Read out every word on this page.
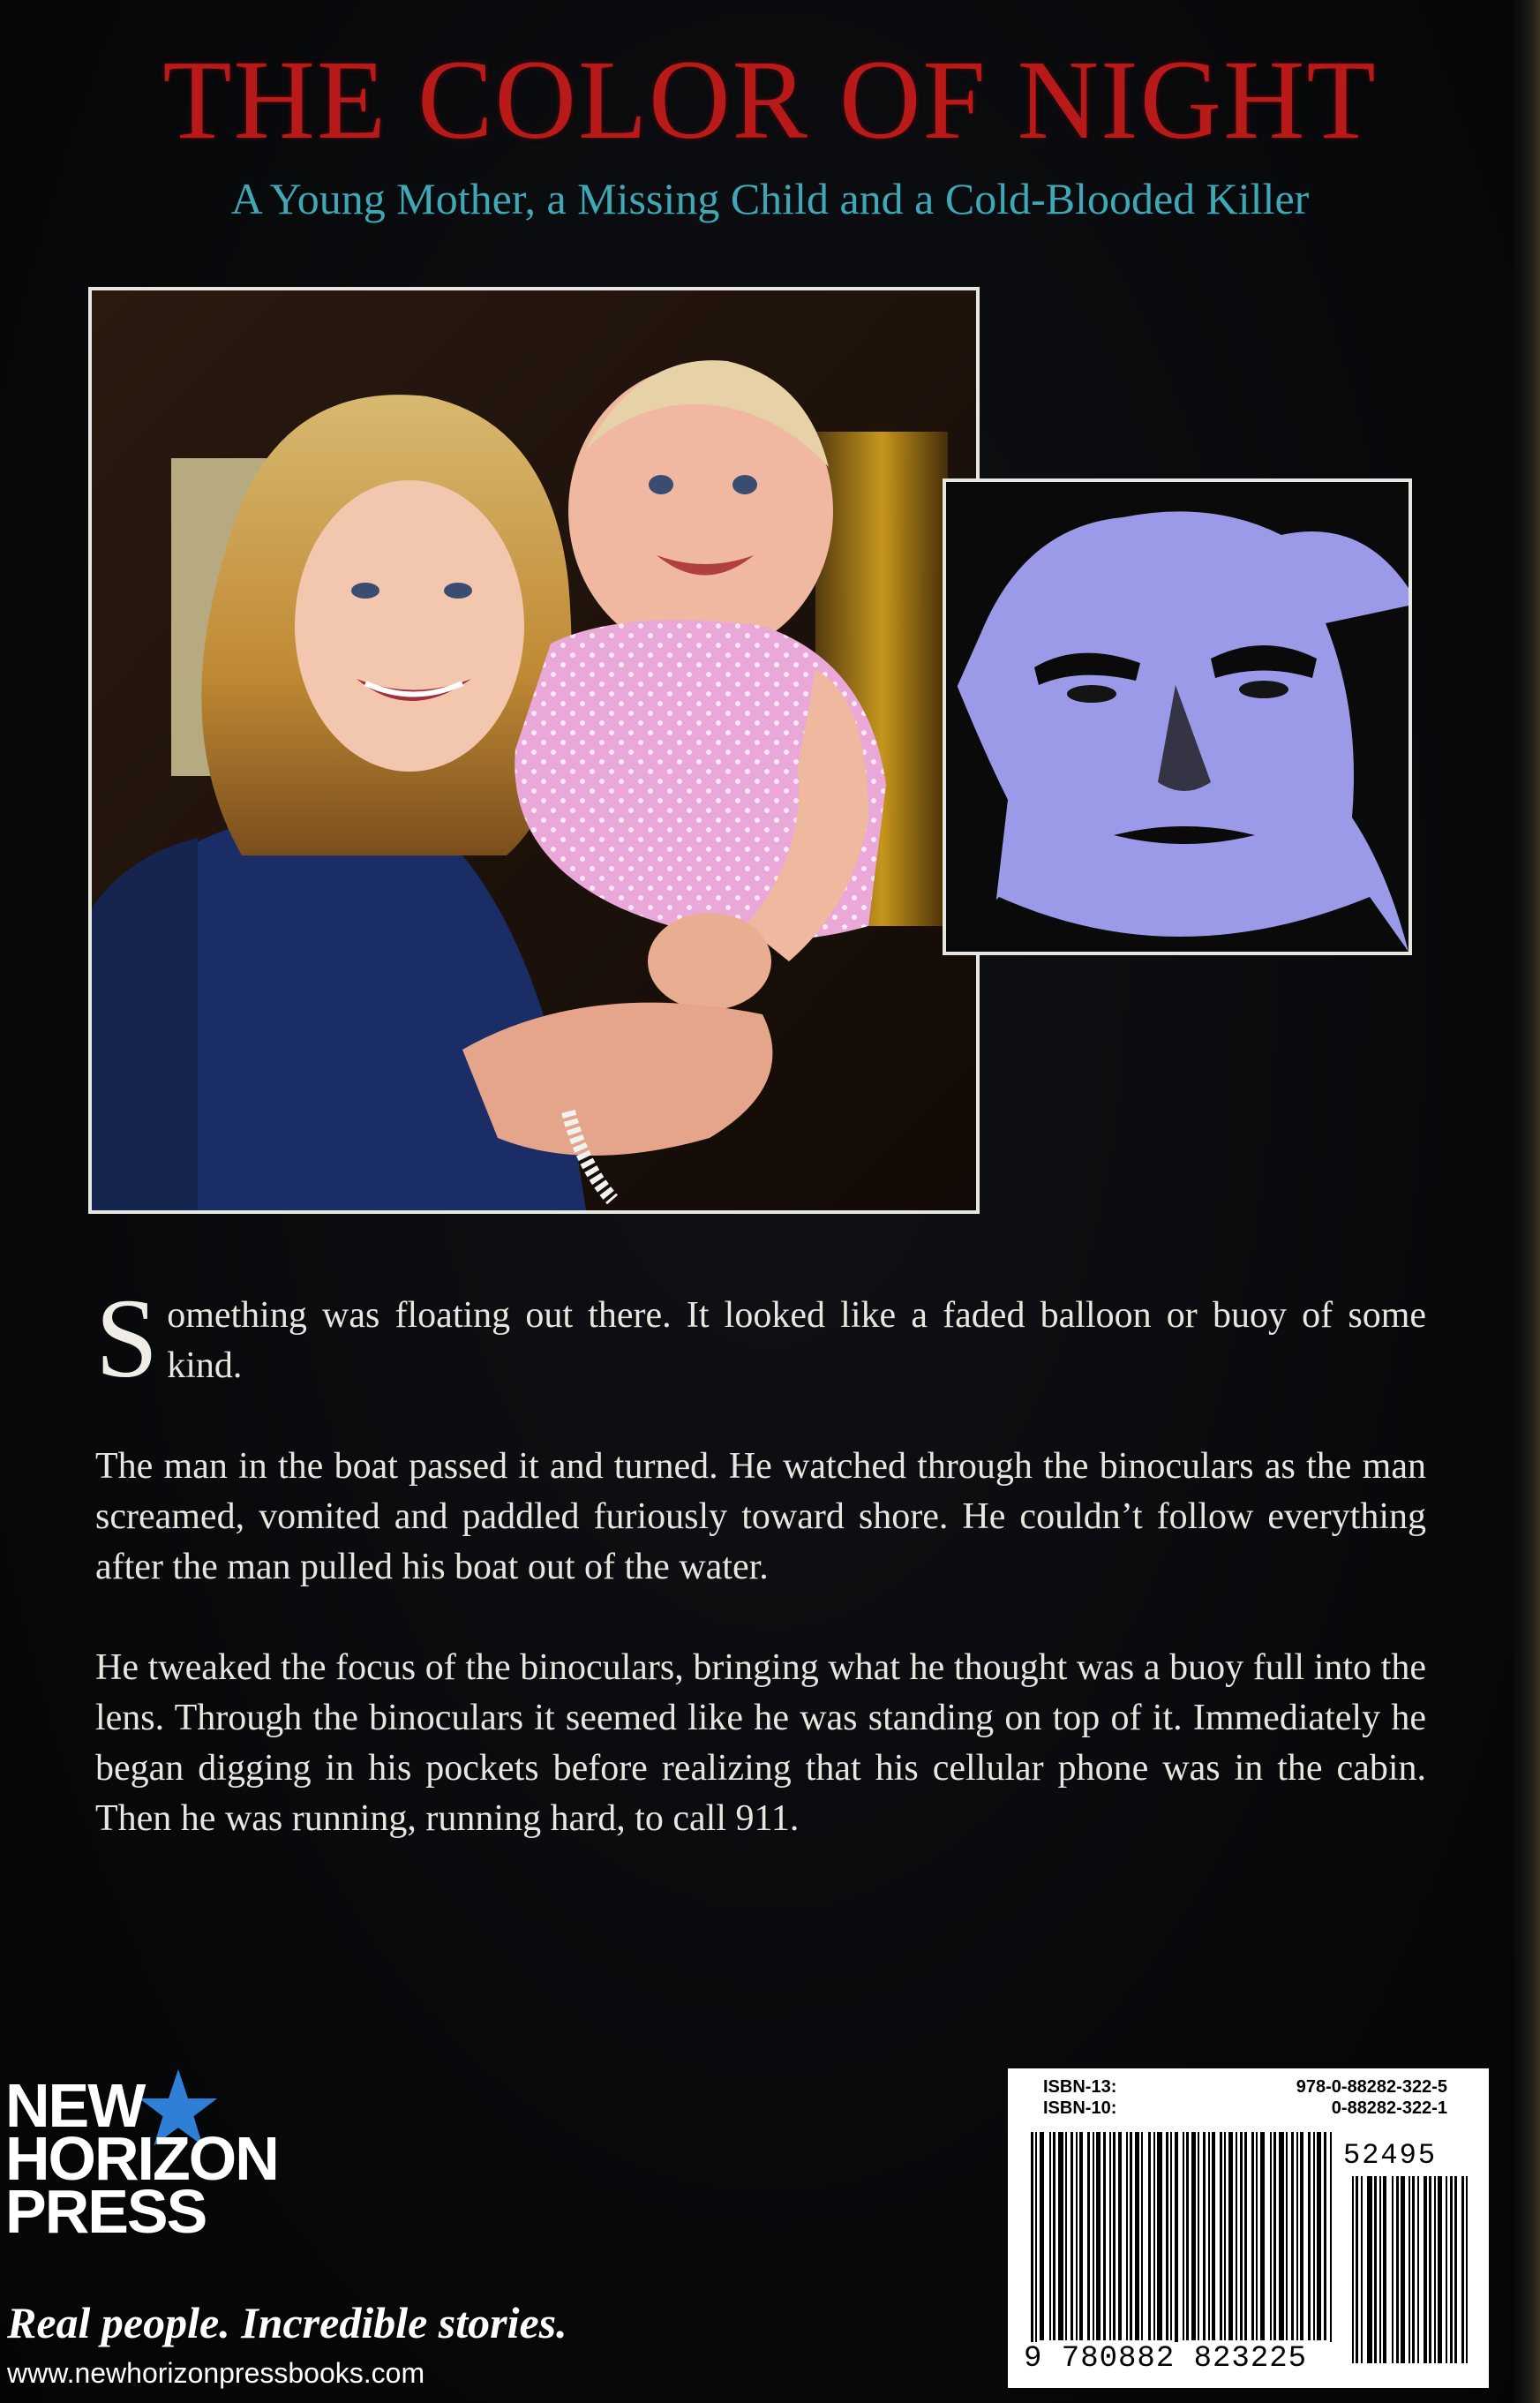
THE COLOR OF NIGHT
A Young Mother, a Missing Child and a Cold-Blooded Killer

Something was floating out there. It looked like a faded balloon or buoy of some kind.

The man in the boat passed it and turned. He watched through the binoculars as the man screamed, vomited and paddled furiously toward shore. He couldn’t follow everything after the man pulled his boat out of the water.

He tweaked the focus of the binoculars, bringing what he thought was a buoy full into the lens. Through the binoculars it seemed like he was standing on top of it. Immediately he began digging in his pockets before realizing that his cellular phone was in the cabin. Then he was running, running hard, to call 911.

NEW
HORIZON
PRESS
Real people. Incredible stories.
www.newhorizonpressbooks.com
ISBN-13:	978-0-88282-322-5
ISBN-10:	0-88282-322-1
52495
9 780882 823225
